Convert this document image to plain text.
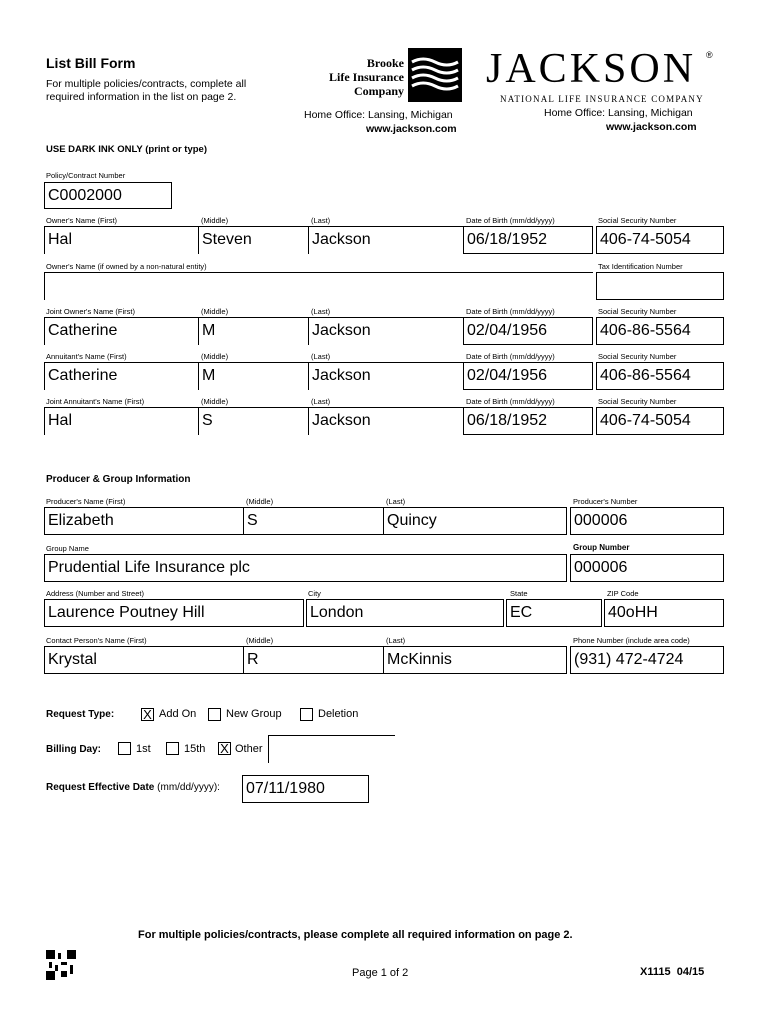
List Bill Form
For multiple policies/contracts, complete all
required information in the list on page 2.
Brooke
Life Insurance
Company
Home Office: Lansing, Michigan
www.jackson.com
JACKSON ®
NATIONAL LIFE INSURANCE COMPANY
Home Office: Lansing, Michigan
www.jackson.com
USE DARK INK ONLY (print or type)
Policy/Contract Number
C0002000
Owner's Name (First)	(Middle)	(Last)	Date of Birth (mm/dd/yyyy)	Social Security Number
Hal	Steven	Jackson	06/18/1952	406-74-5054
Owner's Name (if owned by a non-natural entity)	Tax Identification Number
Joint Owner's Name (First)	(Middle)	(Last)	Date of Birth (mm/dd/yyyy)	Social Security Number
Catherine	M	Jackson	02/04/1956	406-86-5564
Annuitant's Name (First)	(Middle)	(Last)	Date of Birth (mm/dd/yyyy)	Social Security Number
Catherine	M	Jackson	02/04/1956	406-86-5564
Joint Annuitant's Name (First)	(Middle)	(Last)	Date of Birth (mm/dd/yyyy)	Social Security Number
Hal	S	Jackson	06/18/1952	406-74-5054
Producer & Group Information
Producer's Name (First)	(Middle)	(Last)	Producer's Number
Elizabeth	S	Quincy	000006
Group Name	Group Number
Prudential Life Insurance plc	000006
Address (Number and Street)	City	State	ZIP Code
Laurence Poutney Hill	London	EC	40oHH
Contact Person's Name (First)	(Middle)	(Last)	Phone Number (include area code)
Krystal	R	McKinnis	(931) 472-4724
Request Type: X Add On	New Group	Deletion
Billing Day:	1st	15th X Other
Request Effective Date (mm/dd/yyyy): 07/11/1980
For multiple policies/contracts, please complete all required information on page 2.
Page 1 of 2	X1115  04/15
